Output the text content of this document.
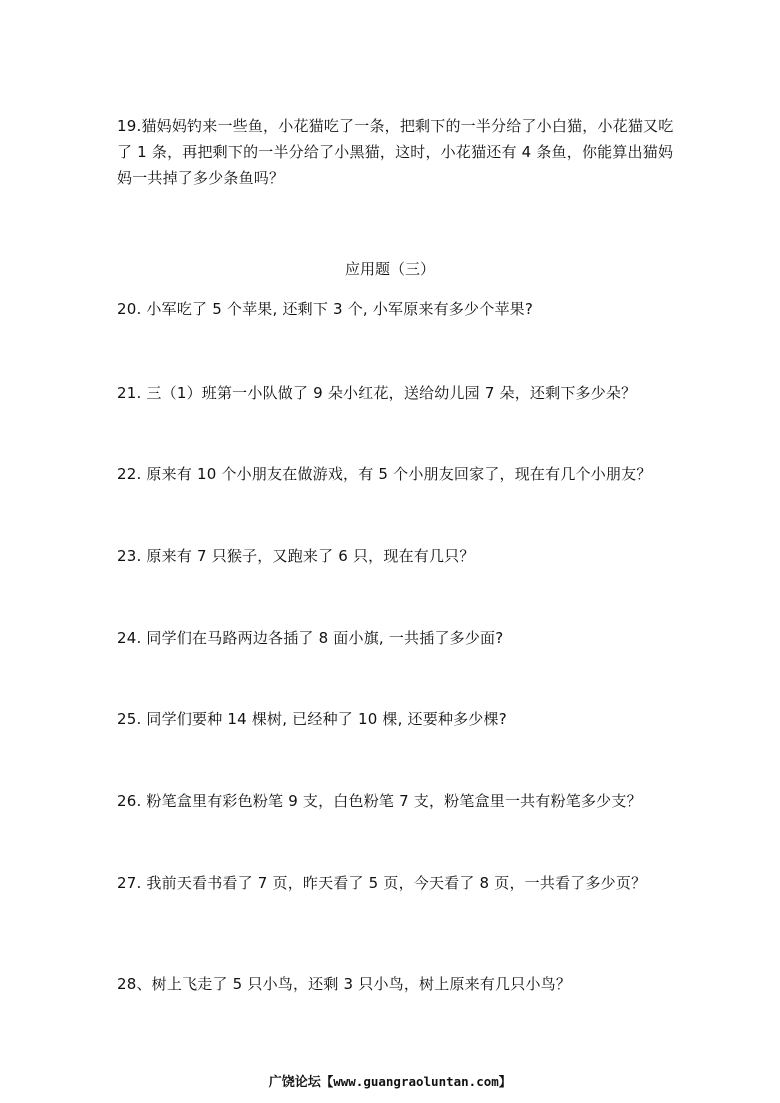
19.猫妈妈钓来一些鱼，小花猫吃了一条，把剩下的一半分给了小白猫，小花猫又吃了 1 条，再把剩下的一半分给了小黑猫，这时，小花猫还有 4 条鱼，你能算出猫妈妈一共掉了多少条鱼吗？
应用题（三）
20. 小军吃了 5 个苹果, 还剩下 3 个, 小军原来有多少个苹果?
21. 三（1）班第一小队做了 9 朵小红花，送给幼儿园 7 朵，还剩下多少朵？
22. 原来有 10 个小朋友在做游戏，有 5 个小朋友回家了，现在有几个小朋友？
23. 原来有 7 只猴子，又跑来了 6 只，现在有几只？
24. 同学们在马路两边各插了 8 面小旗, 一共插了多少面?
25. 同学们要种 14 棵树, 已经种了 10 棵, 还要种多少棵?
26. 粉笔盒里有彩色粉笔 9 支，白色粉笔 7 支，粉笔盒里一共有粉笔多少支？
27. 我前天看书看了 7 页，昨天看了 5 页，今天看了 8 页，一共看了多少页？
28、树上飞走了 5 只小鸟，还剩 3 只小鸟，树上原来有几只小鸟？
广饶论坛【www.guangraoluntan.com】
